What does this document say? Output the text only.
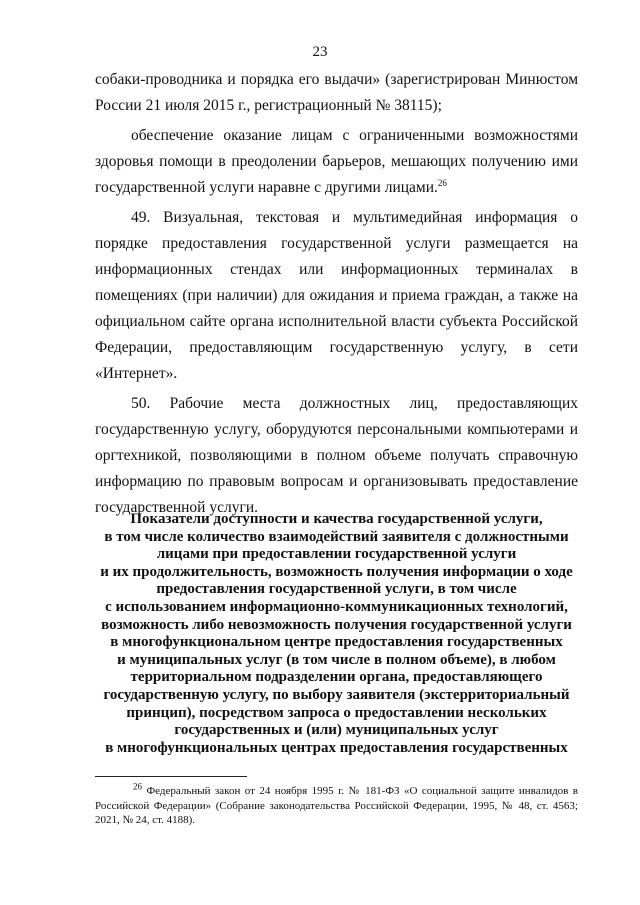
23

собаки-проводника и порядка его выдачи» (зарегистрирован Минюстом России 21 июля 2015 г., регистрационный № 38115);

обеспечение оказание лицам с ограниченными возможностями здоровья помощи в преодолении барьеров, мешающих получению ими государственной услуги наравне с другими лицами.$^{26}$

49. Визуальная, текстовая и мультимедийная информация о порядке предоставления государственной услуги размещается на информационных стендах или информационных терминалах в помещениях (при наличии) для ожидания и приема граждан, а также на официальном сайте органа исполнительной власти субъекта Российской Федерации, предоставляющим государственную услугу, в сети «Интернет».

50. Рабочие места должностных лиц, предоставляющих государственную услугу, оборудуются персональными компьютерами и оргтехникой, позволяющими в полном объеме получать справочную информацию по правовым вопросам и организовывать предоставление государственной услуги.

Показатели доступности и качества государственной услуги,
в том числе количество взаимодействий заявителя с должностными
лицами при предоставлении государственной услуги
и их продолжительность, возможность получения информации о ходе
предоставления государственной услуги, в том числе
с использованием информационно-коммуникационных технологий,
возможность либо невозможность получения государственной услуги
в многофункциональном центре предоставления государственных
и муниципальных услуг (в том числе в полном объеме), в любом
территориальном подразделении органа, предоставляющего
государственную услугу, по выбору заявителя (экстерриториальный
принцип), посредством запроса о предоставлении нескольких
государственных и (или) муниципальных услуг
в многофункциональных центрах предоставления государственных
$^{26}$ Федеральный закон от 24 ноября 1995 г. № 181-ФЗ «О социальной защите инвалидов в Российской Федерации» (Собрание законодательства Российской Федерации, 1995, № 48, ст. 4563; 2021, № 24, ст. 4188).
